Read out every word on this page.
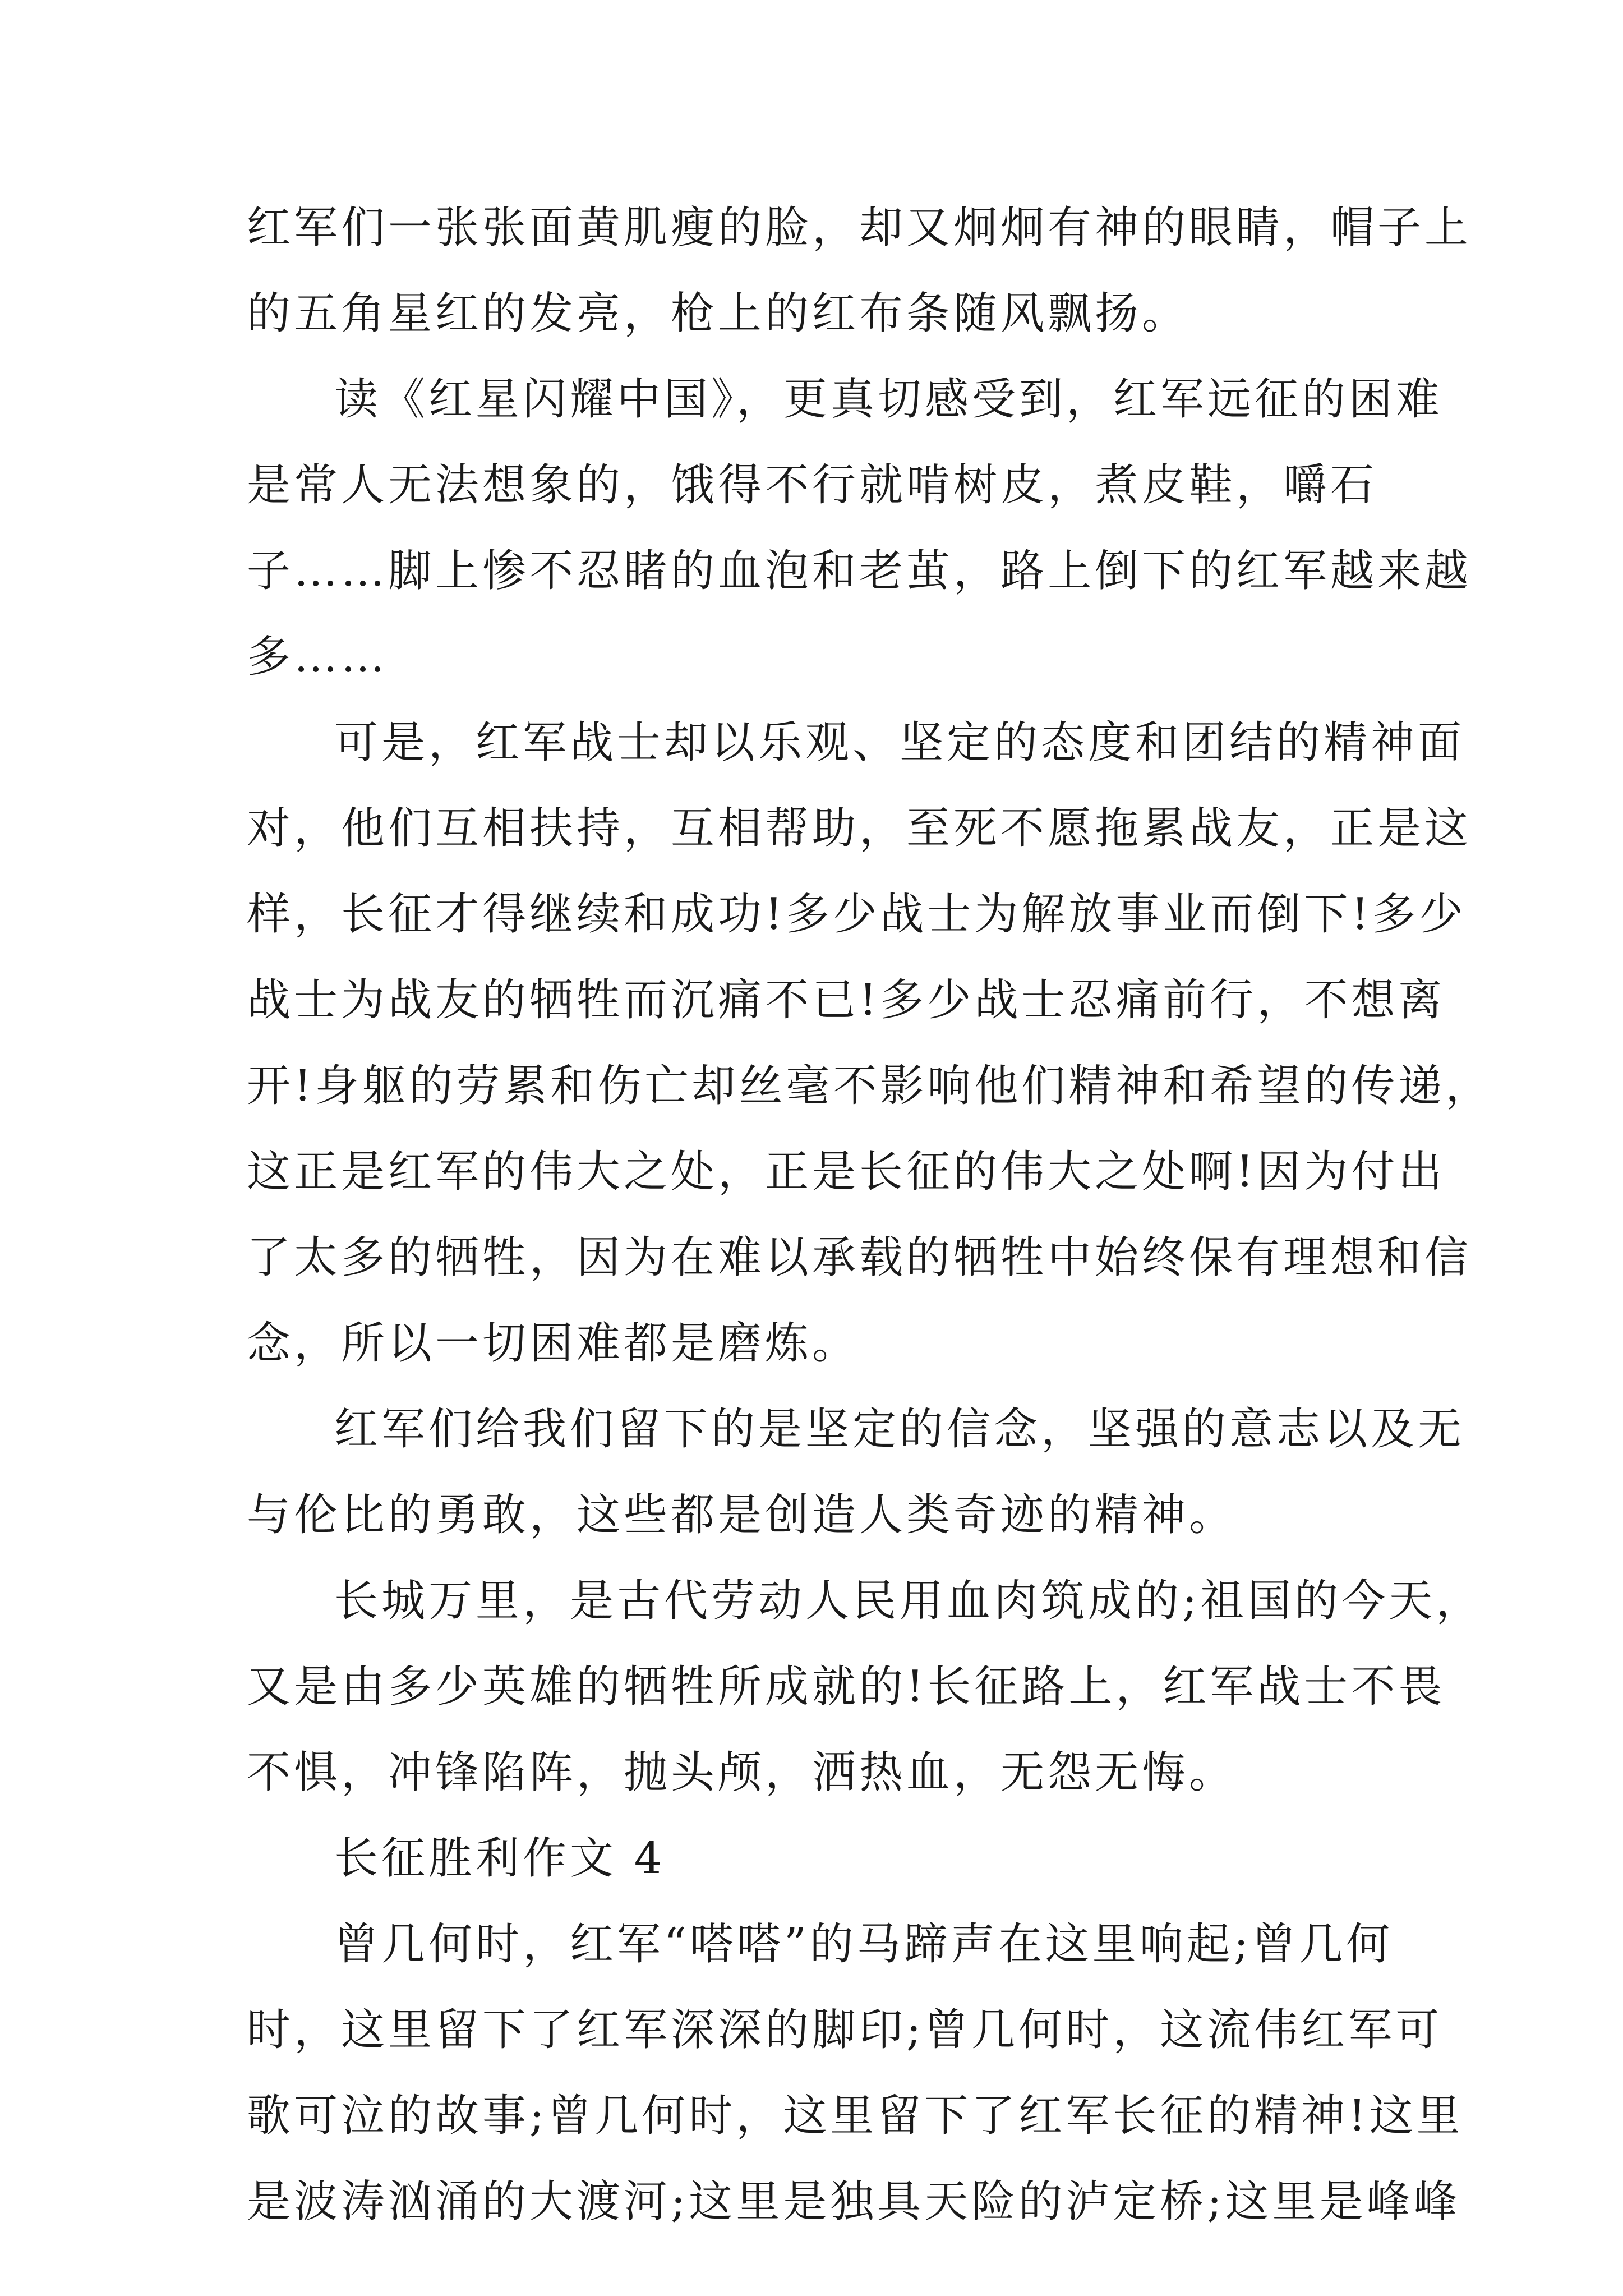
红军们一张张面黄肌瘦的脸，却又炯炯有神的眼睛，帽子上
的五角星红的发亮，枪上的红布条随风飘扬。
读《红星闪耀中国》，更真切感受到，红军远征的困难
是常人无法想象的，饿得不行就啃树皮，煮皮鞋，嚼石
子……脚上惨不忍睹的血泡和老茧，路上倒下的红军越来越
多……
可是，红军战士却以乐观、坚定的态度和团结的精神面
对，他们互相扶持，互相帮助，至死不愿拖累战友，正是这
样，长征才得继续和成功!多少战士为解放事业而倒下!多少
战士为战友的牺牲而沉痛不已!多少战士忍痛前行，不想离
开!身躯的劳累和伤亡却丝毫不影响他们精神和希望的传递，
这正是红军的伟大之处，正是长征的伟大之处啊!因为付出
了太多的牺牲，因为在难以承载的牺牲中始终保有理想和信
念，所以一切困难都是磨炼。
红军们给我们留下的是坚定的信念，坚强的意志以及无
与伦比的勇敢，这些都是创造人类奇迹的精神。
长城万里，是古代劳动人民用血肉筑成的;祖国的今天，
又是由多少英雄的牺牲所成就的!长征路上，红军战士不畏
不惧，冲锋陷阵，抛头颅，洒热血，无怨无悔。
长征胜利作文 4
曾几何时，红军“嗒嗒”的马蹄声在这里响起;曾几何
时，这里留下了红军深深的脚印;曾几何时，这流伟红军可
歌可泣的故事;曾几何时，这里留下了红军长征的精神!这里
是波涛汹涌的大渡河;这里是独具天险的泸定桥;这里是峰峰
